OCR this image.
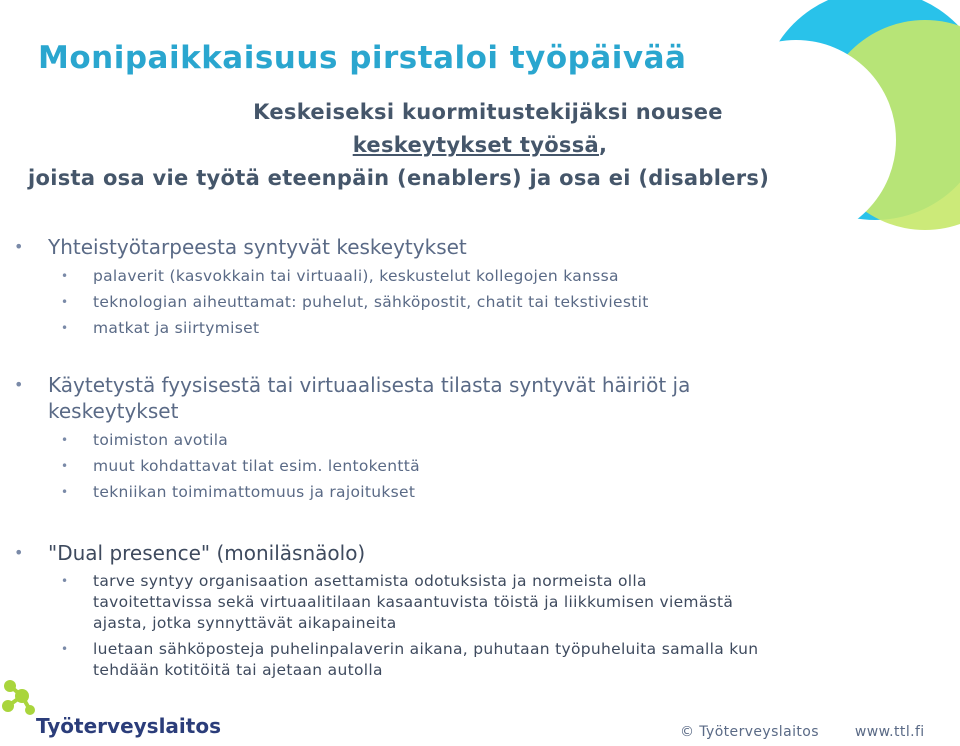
Monipaikkaisuus pirstaloi työpäivää
Keskeiseksi kuormitustekijäksi nousee
keskeytykset työssä,
joista osa vie työtä eteenpäin (enablers) ja osa ei (disablers)
• Yhteistyötarpeesta syntyvät keskeytykset
• palaverit (kasvokkain tai virtuaali), keskustelut kollegojen kanssa
• teknologian aiheuttamat: puhelut, sähköpostit, chatit tai tekstiviestit
• matkat ja siirtymiset
• Käytetystä fyysisestä tai virtuaalisesta tilasta syntyvät häiriöt ja
keskeytykset
• toimiston avotila
• muut kohdattavat tilat esim. lentokenttä
• tekniikan toimimattomuus ja rajoitukset
• "Dual presence" (moniläsnäolo)
• tarve syntyy organisaation asettamista odotuksista ja normeista olla
tavoitettavissa sekä virtuaalitilaan kasaantuvista töistä ja liikkumisen viemästä
ajasta, jotka synnyttävät aikapaineita
• luetaan sähköposteja puhelinpalaverin aikana, puhutaan työpuheluita samalla kun
tehdään kotitöitä tai ajetaan autolla
Työterveyslaitos	© Työterveyslaitos	www.ttl.fi
